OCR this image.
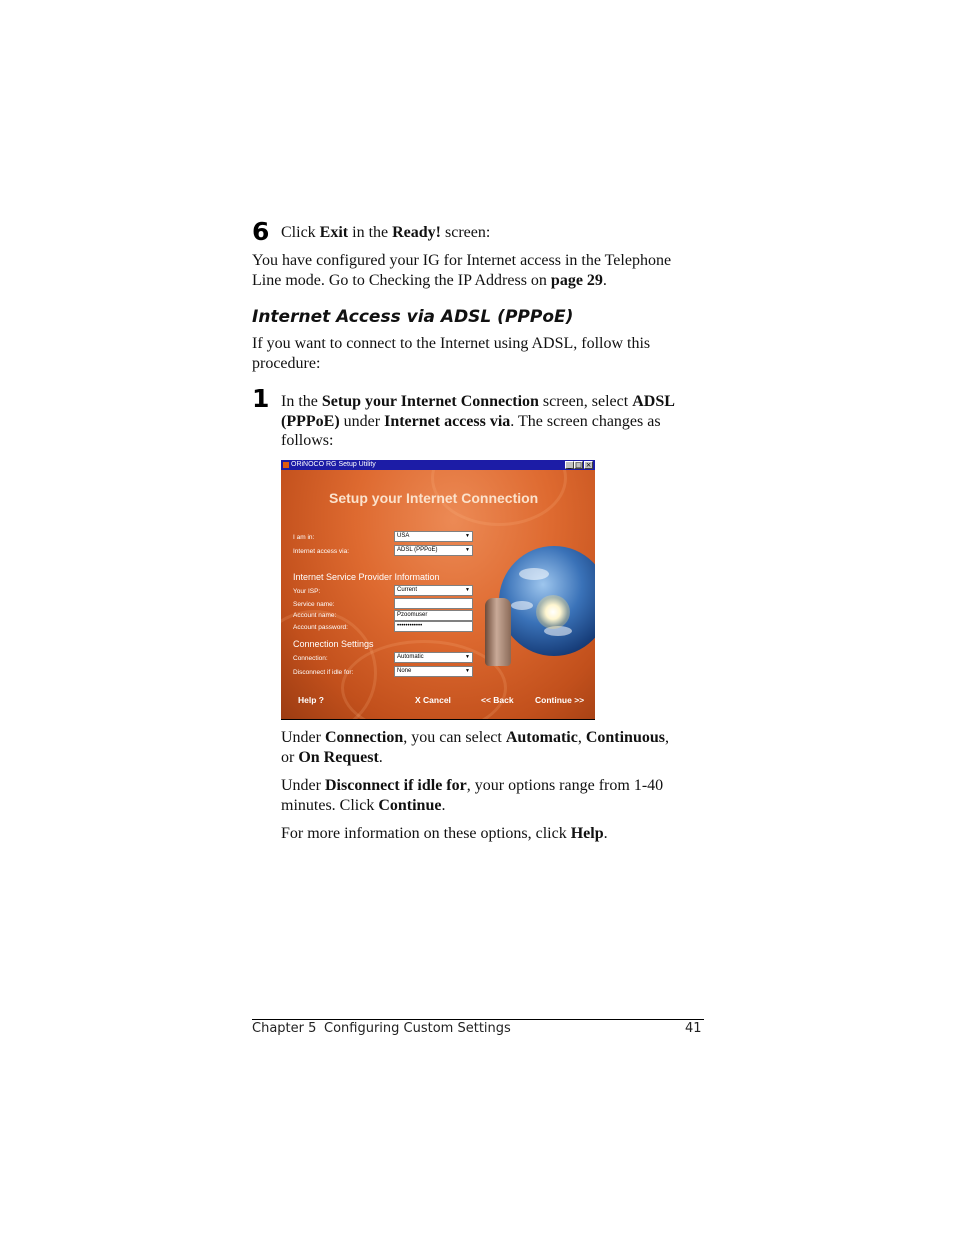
6 Click Exit in the Ready! screen:
You have configured your IG for Internet access in the Telephone
Line mode. Go to Checking the IP Address on page 29.
Internet Access via ADSL (PPPoE)
If you want to connect to the Internet using ADSL, follow this
procedure:
1 In the Setup your Internet Connection screen, select ADSL
(PPPoE) under Internet access via. The screen changes as
follows:
ORiNOCO RG Setup Utility	_ □ ×
Setup your Internet Connection
I am in:	USA ▼
Internet access via:	ADSL (PPPoE) ▼
Internet Service Provider Information
Your ISP:	Current ▼
Service name:
Account name:	Pzoomuser
Account password:	••••••••••••
Connection Settings
Connection:	Automatic ▼
Disconnect if idle for:	None ▼
Help ?	X Cancel	<< Back	Continue >>
Under Connection, you can select Automatic, Continuous,
or On Request.
Under Disconnect if idle for, your options range from 1-40
minutes. Click Continue.
For more information on these options, click Help.
Chapter 5 Configuring Custom Settings	41
